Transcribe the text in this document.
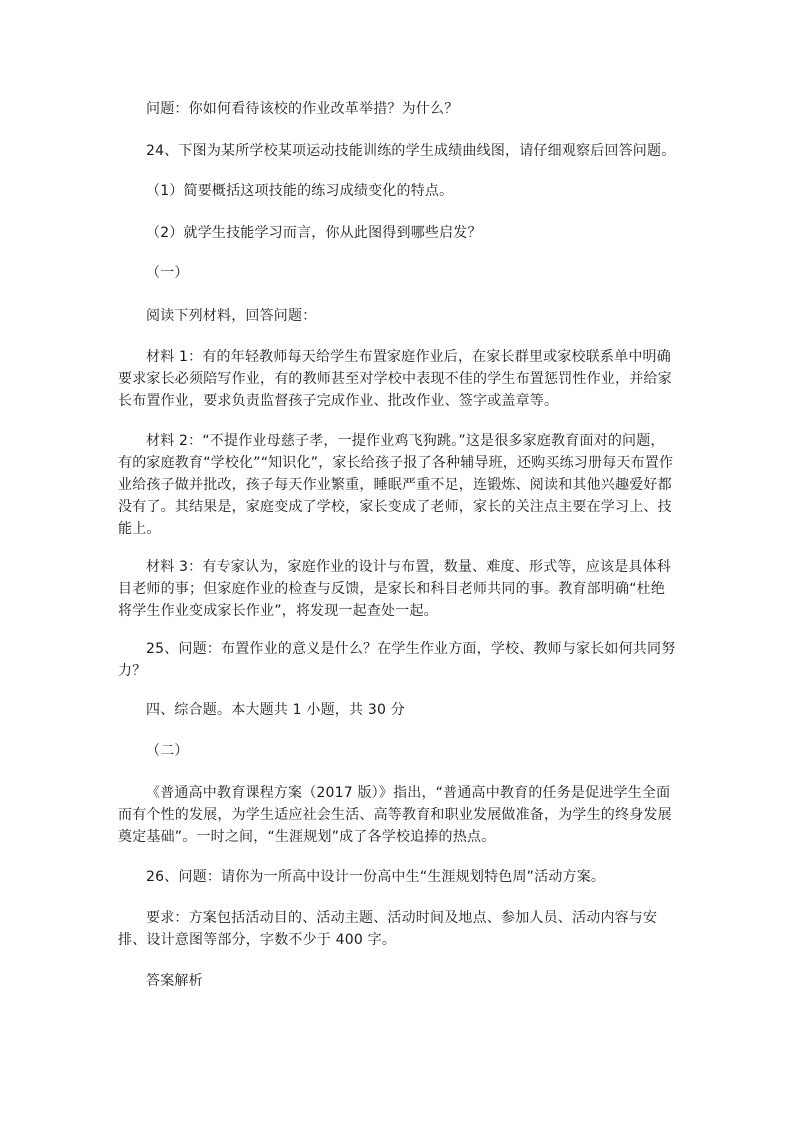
问题：你如何看待该校的作业改革举措？为什么？

24、下图为某所学校某项运动技能训练的学生成绩曲线图，请仔细观察后回答问题。

（1）简要概括这项技能的练习成绩变化的特点。

（2）就学生技能学习而言，你从此图得到哪些启发？

（一）

阅读下列材料，回答问题：

材料 1：有的年轻教师每天给学生布置家庭作业后，在家长群里或家校联系单中明确要求家长必须陪写作业，有的教师甚至对学校中表现不佳的学生布置惩罚性作业，并给家长布置作业，要求负责监督孩子完成作业、批改作业、签字或盖章等。

材料 2：“不提作业母慈子孝，一提作业鸡飞狗跳。”这是很多家庭教育面对的问题，有的家庭教育“学校化”“知识化”，家长给孩子报了各种辅导班，还购买练习册每天布置作业给孩子做并批改，孩子每天作业繁重，睡眠严重不足，连锻炼、阅读和其他兴趣爱好都没有了。其结果是，家庭变成了学校，家长变成了老师，家长的关注点主要在学习上、技能上。

材料 3：有专家认为，家庭作业的设计与布置，数量、难度、形式等，应该是具体科目老师的事；但家庭作业的检查与反馈，是家长和科目老师共同的事。教育部明确“杜绝将学生作业变成家长作业”，将发现一起查处一起。

25、问题：布置作业的意义是什么？在学生作业方面，学校、教师与家长如何共同努力？

四、综合题。本大题共 1 小题，共 30 分

（二）

《普通高中教育课程方案（2017 版）》指出，“普通高中教育的任务是促进学生全面而有个性的发展，为学生适应社会生活、高等教育和职业发展做准备，为学生的终身发展奠定基础”。一时之间，“生涯规划”成了各学校追捧的热点。

26、问题：请你为一所高中设计一份高中生“生涯规划特色周”活动方案。

要求：方案包括活动目的、活动主题、活动时间及地点、参加人员、活动内容与安排、设计意图等部分，字数不少于 400 字。

答案解析
